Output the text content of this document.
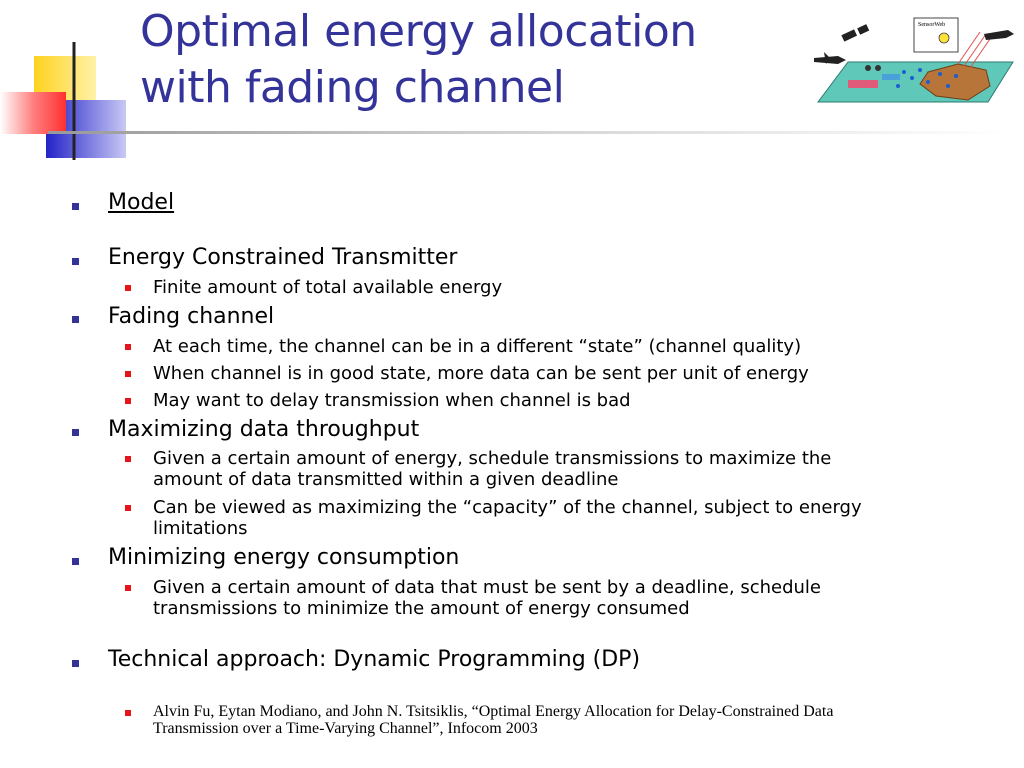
Optimal energy allocation
with fading channel
SensorWeb
Model
Energy Constrained Transmitter
Finite amount of total available energy
Fading channel
At each time, the channel can be in a different “state” (channel quality)
When channel is in good state, more data can be sent per unit of energy
May want to delay transmission when channel is bad
Maximizing data throughput
Given a certain amount of energy, schedule transmissions to maximize the
amount of data transmitted within a given deadline
Can be viewed as maximizing the “capacity” of the channel, subject to energy
limitations
Minimizing energy consumption
Given a certain amount of data that must be sent by a deadline, schedule
transmissions to minimize the amount of energy consumed
Technical approach: Dynamic Programming (DP)
Alvin Fu, Eytan Modiano, and John N. Tsitsiklis, “Optimal Energy Allocation for Delay-Constrained Data
Transmission over a Time-Varying Channel”, Infocom 2003
